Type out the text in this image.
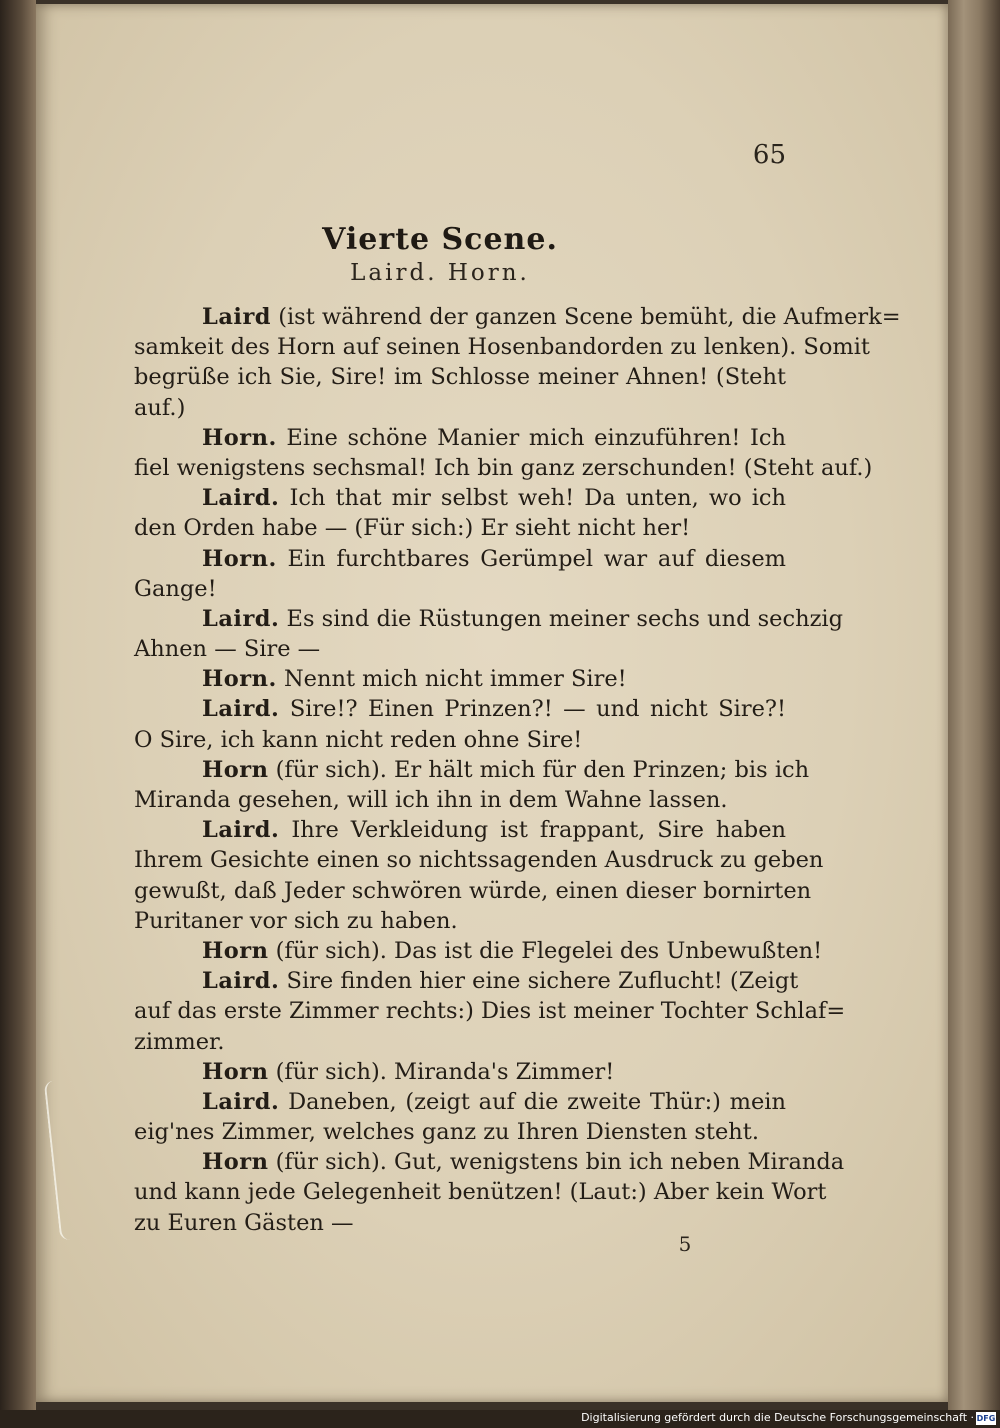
65
Vierte Scene.
Laird. Horn.
Laird (ist während der ganzen Scene bemüht, die Aufmerk=
samkeit des Horn auf seinen Hosenbandorden zu lenken). Somit
begrüße ich Sie, Sire! im Schlosse meiner Ahnen! (Steht
auf.)
Horn. Eine schöne Manier mich einzuführen! Ich
fiel wenigstens sechsmal! Ich bin ganz zerschunden! (Steht auf.)
Laird. Ich that mir selbst weh! Da unten, wo ich
den Orden habe — (Für sich:) Er sieht nicht her!
Horn. Ein furchtbares Gerümpel war auf diesem
Gange!
Laird. Es sind die Rüstungen meiner sechs und sechzig
Ahnen — Sire —
Horn. Nennt mich nicht immer Sire!
Laird. Sire!? Einen Prinzen?! — und nicht Sire?!
O Sire, ich kann nicht reden ohne Sire!
Horn (für sich). Er hält mich für den Prinzen; bis ich
Miranda gesehen, will ich ihn in dem Wahne lassen.
Laird. Ihre Verkleidung ist frappant, Sire haben
Ihrem Gesichte einen so nichtssagenden Ausdruck zu geben
gewußt, daß Jeder schwören würde, einen dieser bornirten
Puritaner vor sich zu haben.
Horn (für sich). Das ist die Flegelei des Unbewußten!
Laird. Sire finden hier eine sichere Zuflucht! (Zeigt
auf das erste Zimmer rechts:) Dies ist meiner Tochter Schlaf=
zimmer.
Horn (für sich). Miranda's Zimmer!
Laird. Daneben, (zeigt auf die zweite Thür:) mein
eig'nes Zimmer, welches ganz zu Ihren Diensten steht.
Horn (für sich). Gut, wenigstens bin ich neben Miranda
und kann jede Gelegenheit benützen! (Laut:) Aber kein Wort
zu Euren Gästen —
5
Digitalisierung gefördert durch die Deutsche Forschungsgemeinschaft · DFG
